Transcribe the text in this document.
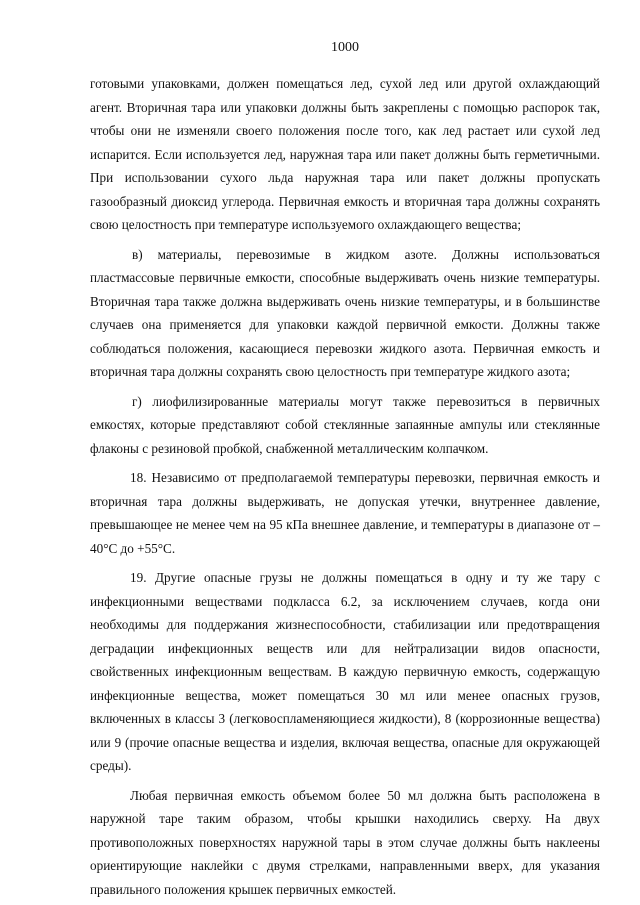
1000

готовыми упаковками, должен помещаться лед, сухой лед или другой охлаждающий агент. Вторичная тара или упаковки должны быть закреплены с помощью распорок так, чтобы они не изменяли своего положения после того, как лед растает или сухой лед испарится. Если используется лед, наружная тара или пакет должны быть герметичными. При использовании сухого льда наружная тара или пакет должны пропускать газообразный диоксид углерода. Первичная емкость и вторичная тара должны сохранять свою целостность при температуре используемого охлаждающего вещества;

в) материалы, перевозимые в жидком азоте. Должны использоваться пластмассовые первичные емкости, способные выдерживать очень низкие температуры. Вторичная тара также должна выдерживать очень низкие температуры, и в большинстве случаев она применяется для упаковки каждой первичной емкости. Должны также соблюдаться положения, касающиеся перевозки жидкого азота. Первичная емкость и вторичная тара должны сохранять свою целостность при температуре жидкого азота;

г) лиофилизированные материалы могут также перевозиться в первичных емкостях, которые представляют собой стеклянные запаянные ампулы или стеклянные флаконы с резиновой пробкой, снабженной металлическим колпачком.

18. Независимо от предполагаемой температуры перевозки, первичная емкость и вторичная тара должны выдерживать, не допуская утечки, внутреннее давление, превышающее не менее чем на 95 кПа внешнее давление, и температуры в диапазоне от –40°C до +55°C.

19. Другие опасные грузы не должны помещаться в одну и ту же тару с инфекционными веществами подкласса 6.2, за исключением случаев, когда они необходимы для поддержания жизнеспособности, стабилизации или предотвращения деградации инфекционных веществ или для нейтрализации видов опасности, свойственных инфекционным веществам. В каждую первичную емкость, содержащую инфекционные вещества, может помещаться 30 мл или менее опасных грузов, включенных в классы 3 (легковоспламеняющиеся жидкости), 8 (коррозионные вещества) или 9 (прочие опасные вещества и изделия, включая вещества, опасные для окружающей среды).

Любая первичная емкость объемом более 50 мл должна быть расположена в наружной таре таким образом, чтобы крышки находились сверху. На двух противоположных поверхностях наружной тары в этом случае должны быть наклеены ориентирующие наклейки с двумя стрелками, направленными вверх, для указания правильного положения крышек первичных емкостей.
